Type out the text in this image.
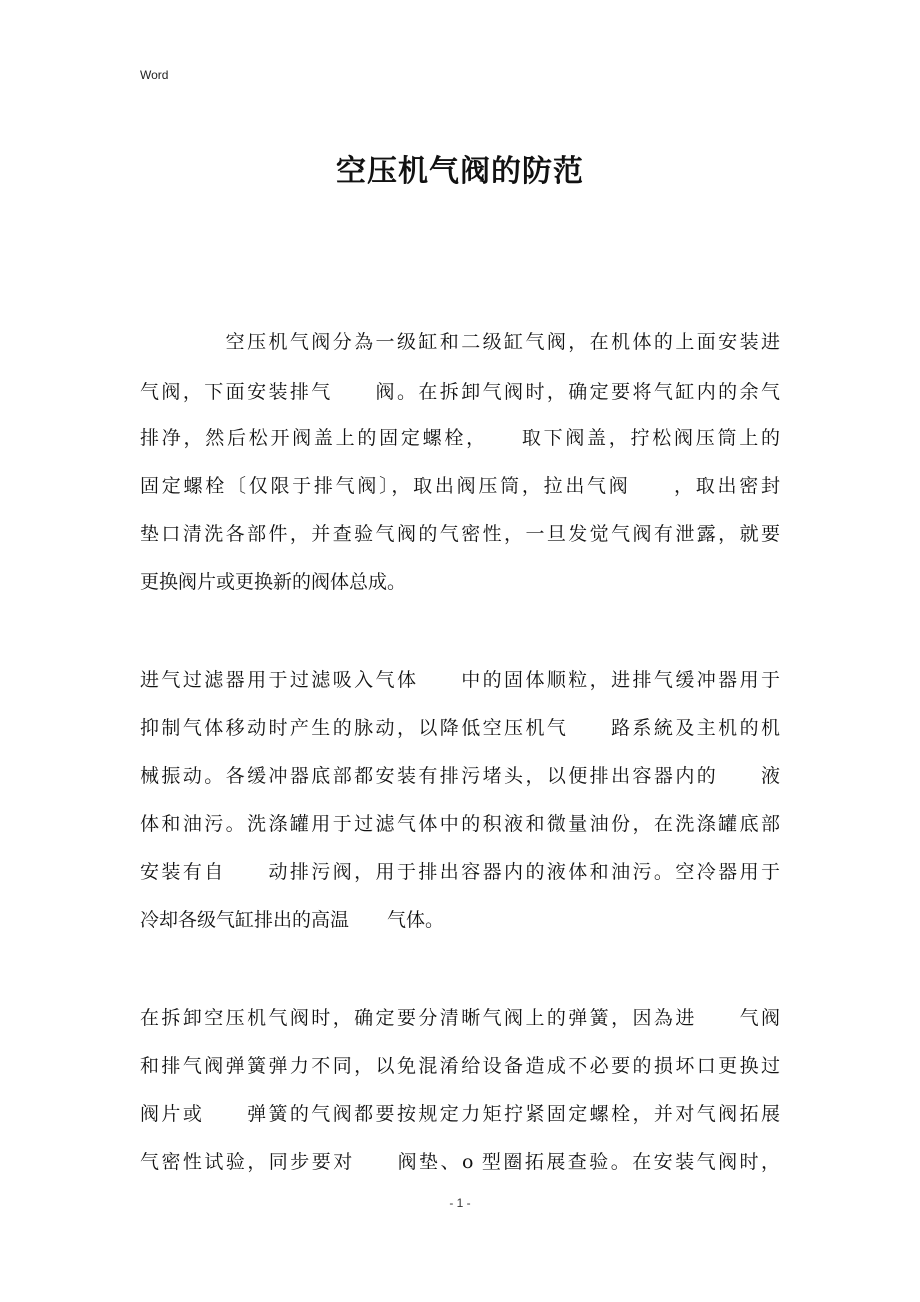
Word
空压机气阀的防范
　　　　空压机气阀分為一级缸和二级缸气阀，在机体的上面安装进
气阀，下面安装排气　　阀。在拆卸气阀时，确定要将气缸内的余气
排净，然后松开阀盖上的固定螺栓，　　取下阀盖，拧松阀压筒上的
固定螺栓〔仅限于排气阀〕，取出阀压筒，拉出气阀　　，取出密封
垫口清洗各部件，并查验气阀的气密性，一旦发觉气阀有泄露，就要
更换阀片或更换新的阀体总成。
进气过滤器用于过滤吸入气体　　中的固体顺粒，进排气缓冲器用于
抑制气体移动时产生的脉动，以降低空压机气　　路系統及主机的机
械振动。各缓冲器底部都安装有排污堵头，以便排出容器内的　　液
体和油污。洗涤罐用于过滤气体中的积液和微量油份，在洗涤罐底部
安装有自　　动排污阀，用于排出容器内的液体和油污。空冷器用于
冷却各级气缸排出的高温　　气体。
在拆卸空压机气阀时，确定要分清晰气阀上的弹簧，因為进　　气阀
和排气阀弹簧弹力不同，以免混淆给设备造成不必要的损坏口更换过
阀片或　　弹簧的气阀都要按规定力矩拧紧固定螺栓，并对气阀拓展
气密性试验，同步要对　　阀垫、o 型圈拓展查验。在安装气阀时，
- 1 -
